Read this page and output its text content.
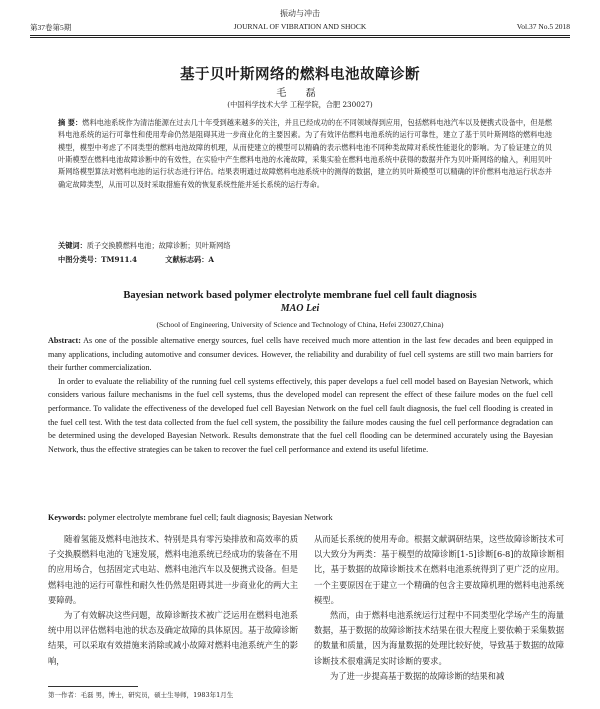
振动与冲击
第37卷第5期	JOURNAL OF VIBRATION AND SHOCK	Vol.37 No.5 2018
基于贝叶斯网络的燃料电池故障诊断
毛 磊
(中国科学技术大学 工程学院，合肥 230027)
摘 要：燃料电池系统作为清洁能源在过去几十年受到越来越多的关注，并且已经成功的在不同领域得到应用，包括燃料电池汽车以及便携式设备中，但是燃料电池系统的运行可靠性和使用寿命仍然是阻碍其进一步商业化的主要因素。为了有效评估燃料电池系统的运行可靠性，建立了基于贝叶斯网络的燃料电池模型，模型中考虑了不同类型的燃料电池故障的机理，从而使建立的模型可以精确的表示燃料电池不同种类故障对系统性能退化的影响。为了验证建立的贝叶斯模型在燃料电池故障诊断中的有效性，在实验中产生燃料电池的水淹故障，采集实验在燃料电池系统中获得的数据并作为贝叶斯网络的输入，利用贝叶斯网络模型算法对燃料电池的运行状态进行评估。结果表明通过故障燃料电池系统中的测得的数据，建立的贝叶斯模型可以精确的评价燃料电池运行状态并确定故障类型，从而可以及时采取措施有效的恢复系统性能并延长系统的运行寿命。
关键词：质子交换膜燃料电池；故障诊断；贝叶斯网络
中图分类号：TM911.4	文献标志码：A
Bayesian network based polymer electrolyte membrane fuel cell fault diagnosis
MAO Lei
(School of Engineering, University of Science and Technology of China, Hefei 230027,China)

Abstract: As one of the possible alternative energy sources, fuel cells have received much more attention in the last few decades and been equipped in many applications, including automotive and consumer devices. However, the reliability and durability of fuel cell systems are still two main barriers for their further commercialization.

In order to evaluate the reliability of the running fuel cell systems effectively, this paper develops a fuel cell model based on Bayesian Network, which considers various failure mechanisms in the fuel cell systems, thus the developed model can represent the effect of these failure modes on the fuel cell performance. To validate the effectiveness of the developed fuel cell Bayesian Network on the fuel cell fault diagnosis, the fuel cell flooding is created in the fuel cell test. With the test data collected from the fuel cell system, the possibility the failure modes causing the fuel cell performance degradation can be determined using the developed Bayesian Network. Results demonstrate that the fuel cell flooding can be determined accurately using the Bayesian Network, thus the effective strategies can be taken to recover the fuel cell performance and extend its useful lifetime.

Keywords: polymer electrolyte membrane fuel cell; fault diagnosis; Bayesian Network

随着氢能及燃料电池技术、特别是具有零污染排放和高效率的质子交换膜燃料电池的飞速发展，燃料电池系统已经成功的装备在不用的应用场合，包括固定式电站、燃料电池汽车以及便携式设备。但是燃料电池的运行可靠性和耐久性仍然是阻碍其进一步商业化的两大主要障碍。

为了有效解决这些问题，故障诊断技术被广泛运用在燃料电池系统中用以评估燃料电池的状态及确定故障的具体原因。基于故障诊断结果，可以采取有效措施来消除或减小故障对燃料电池系统产生的影响，

从而延长系统的使用寿命。根据文献调研结果，这些故障诊断技术可以大致分为两类：基于模型的故障诊断[1-5]诊断[6-8]的故障诊断相比，基于数据的故障诊断技术在燃料电池系统得到了更广泛的应用。一个主要原因在于建立一个精确的包含主要故障机理的燃料电池系统模型。

然而，由于燃料电池系统运行过程中不同类型化学场产生的海量数据，基于数据的故障诊断技术结果在很大程度上要依赖于采集数据的数量和质量，因为海量数据的处理比较好使，导致基于数据的故障诊断技术很难满足实时诊断的要求。

为了进一步提高基于数据的故障诊断的结果和减

第一作者：毛磊 男，博士，研究员，硕士生导师，1983年1月生
